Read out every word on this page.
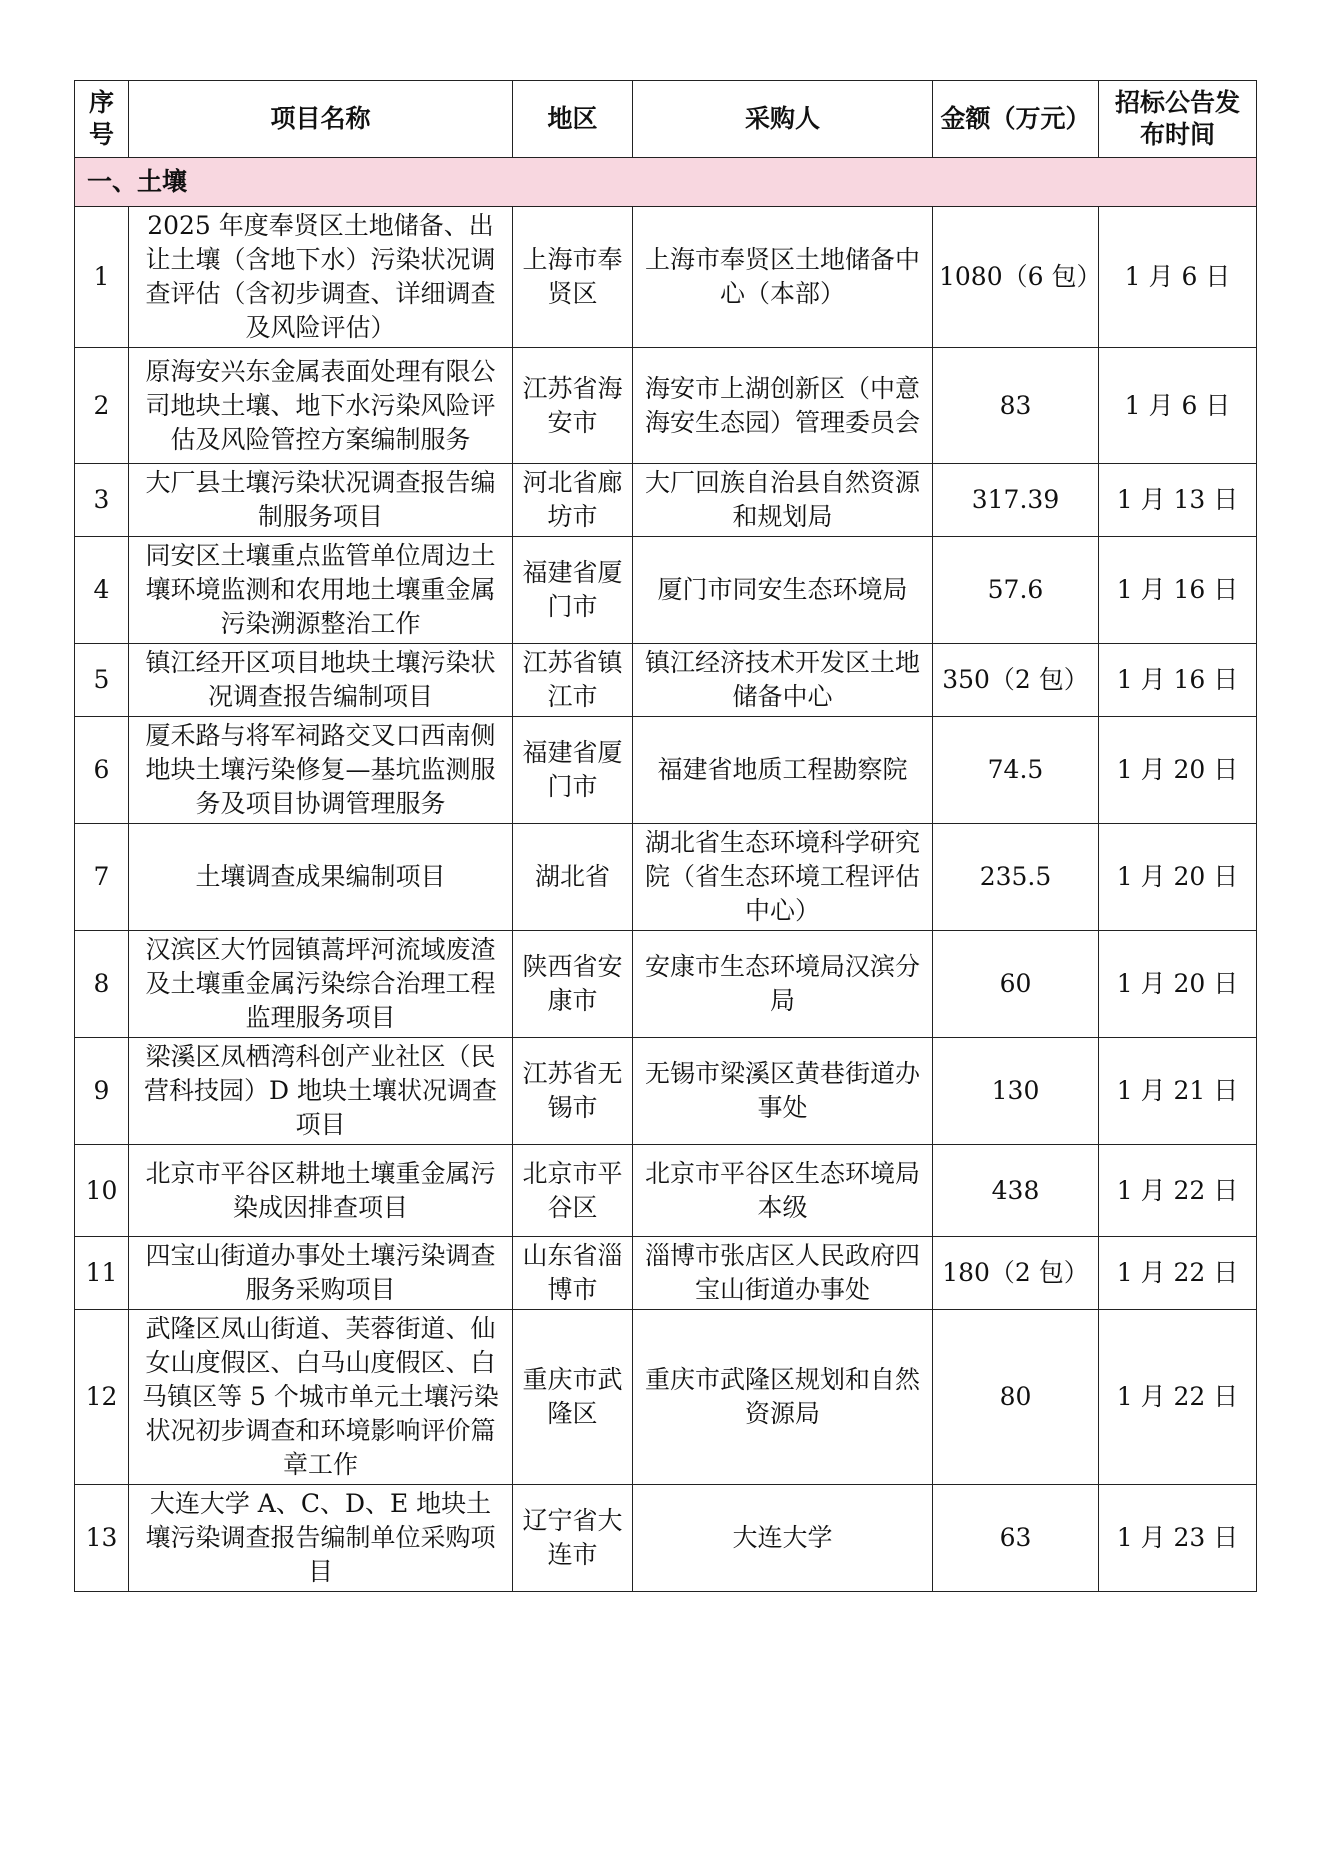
序号	项目名称	地区	采购人	金额（万元）	招标公告发布时间
一、土壤					
1	2025 年度奉贤区土地储备、出让土壤（含地下水）污染状况调查评估（含初步调查、详细调查及风险评估）	上海市奉贤区	上海市奉贤区土地储备中心（本部）	1080（6 包）	1 月 6 日
2	原海安兴东金属表面处理有限公司地块土壤、地下水污染风险评估及风险管控方案编制服务	江苏省海安市	海安市上湖创新区（中意海安生态园）管理委员会	83	1 月 6 日
3	大厂县土壤污染状况调查报告编制服务项目	河北省廊坊市	大厂回族自治县自然资源和规划局	317.39	1 月 13 日
4	同安区土壤重点监管单位周边土壤环境监测和农用地土壤重金属污染溯源整治工作	福建省厦门市	厦门市同安生态环境局	57.6	1 月 16 日
5	镇江经开区项目地块土壤污染状况调查报告编制项目	江苏省镇江市	镇江经济技术开发区土地储备中心	350（2 包）	1 月 16 日
6	厦禾路与将军祠路交叉口西南侧地块土壤污染修复—基坑监测服务及项目协调管理服务	福建省厦门市	福建省地质工程勘察院	74.5	1 月 20 日
7	土壤调查成果编制项目	湖北省	湖北省生态环境科学研究院（省生态环境工程评估中心）	235.5	1 月 20 日
8	汉滨区大竹园镇蒿坪河流域废渣及土壤重金属污染综合治理工程监理服务项目	陕西省安康市	安康市生态环境局汉滨分局	60	1 月 20 日
9	梁溪区凤栖湾科创产业社区（民营科技园）D 地块土壤状况调查项目	江苏省无锡市	无锡市梁溪区黄巷街道办事处	130	1 月 21 日
10	北京市平谷区耕地土壤重金属污染成因排查项目	北京市平谷区	北京市平谷区生态环境局本级	438	1 月 22 日
11	四宝山街道办事处土壤污染调查服务采购项目	山东省淄博市	淄博市张店区人民政府四宝山街道办事处	180（2 包）	1 月 22 日
12	武隆区凤山街道、芙蓉街道、仙女山度假区、白马山度假区、白马镇区等 5 个城市单元土壤污染状况初步调查和环境影响评价篇章工作	重庆市武隆区	重庆市武隆区规划和自然资源局	80	1 月 22 日
13	大连大学 A、C、D、E 地块土壤污染调查报告编制单位采购项目	辽宁省大连市	大连大学	63	1 月 23 日
